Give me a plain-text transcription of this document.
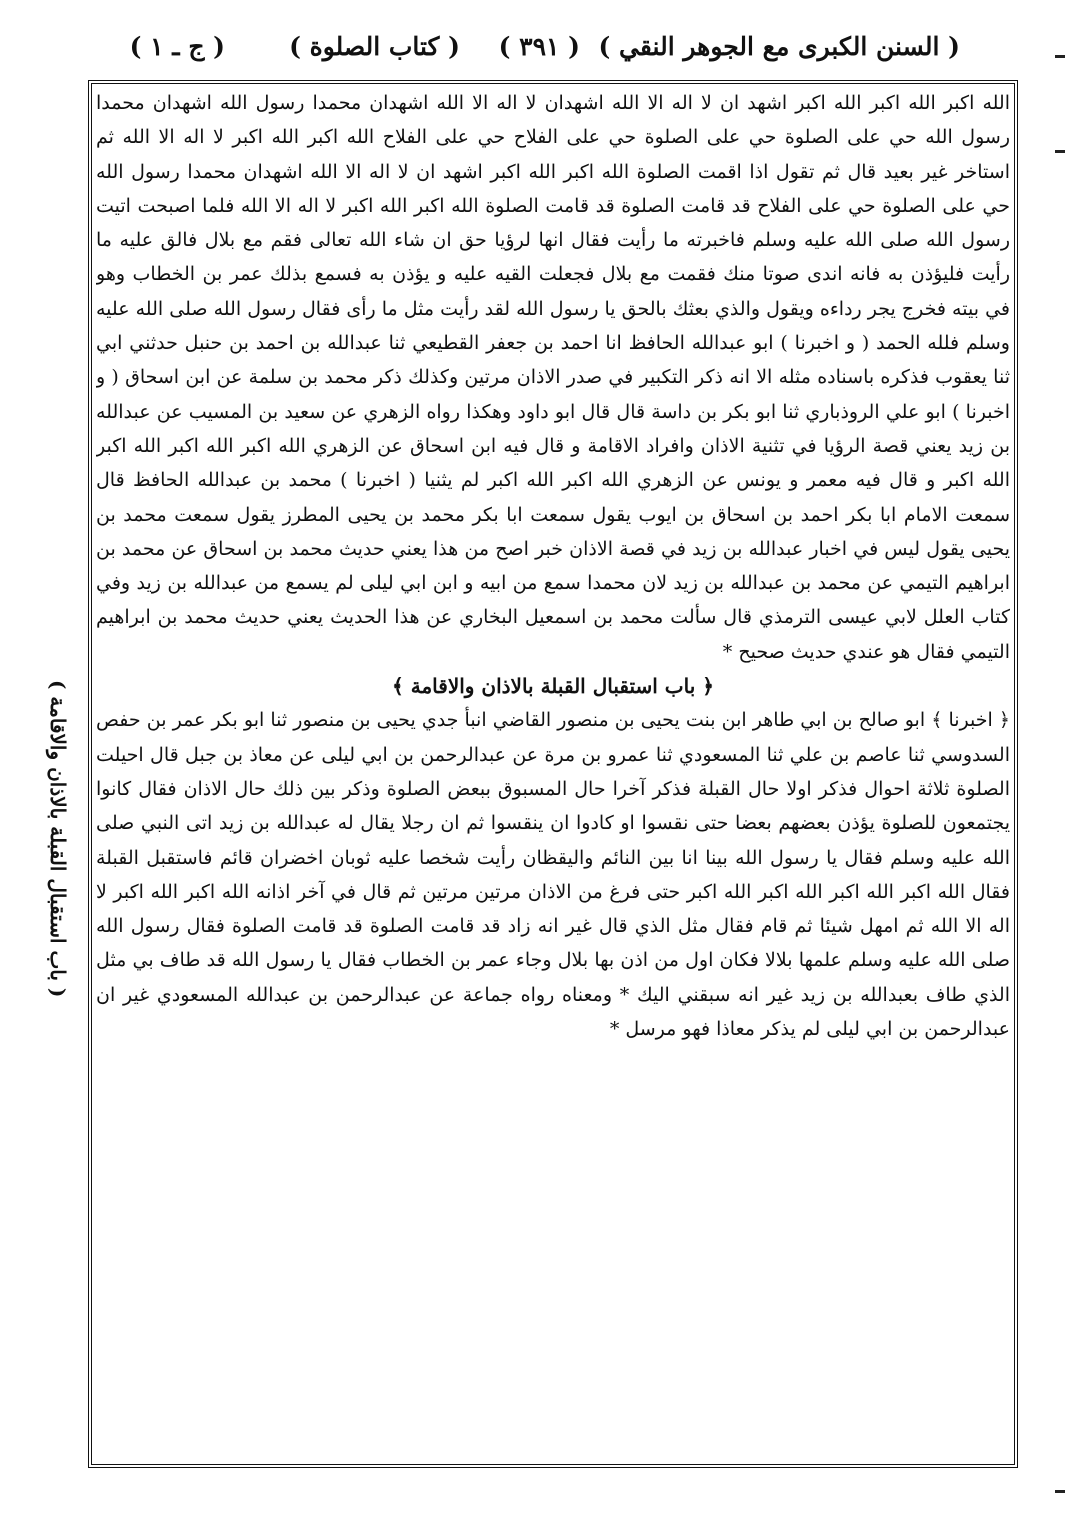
( السنن الكبرى مع الجوهر النقي )
( ٣٩١ )
( كتاب الصلوة )
( ج ـ ١ )

الله اكبر الله اكبر الله اكبر اشهد ان لا اله الا الله اشهدان لا اله الا الله اشهدان محمدا رسول الله اشهدان محمدا رسول الله حي على الصلوة حي على الصلوة حي على الفلاح حي على الفلاح الله اكبر الله اكبر لا اله الا الله ثم استاخر غير بعيد قال ثم تقول اذا اقمت الصلوة الله اكبر الله اكبر اشهد ان لا اله الا الله اشهدان محمدا رسول الله حي على الصلوة حي على الفلاح قد قامت الصلوة قد قامت الصلوة الله اكبر الله اكبر لا اله الا الله فلما اصبحت اتيت رسول الله صلى الله عليه وسلم فاخبرته ما رأيت فقال انها لرؤيا حق ان شاء الله تعالى فقم مع بلال فالق عليه ما رأيت فليؤذن به فانه اندى صوتا منك فقمت مع بلال فجعلت القيه عليه و يؤذن به فسمع بذلك عمر بن الخطاب وهو في بيته فخرج يجر رداءه ويقول والذي بعثك بالحق يا رسول الله لقد رأيت مثل ما رأى فقال رسول الله صلى الله عليه وسلم فلله الحمد ( و اخبرنا ) ابو عبدالله الحافظ انا احمد بن جعفر القطيعي ثنا عبدالله بن احمد بن حنبل حدثني ابي ثنا يعقوب فذكره باسناده مثله الا انه ذكر التكبير في صدر الاذان مرتين وكذلك ذكر محمد بن سلمة عن ابن اسحاق ( و اخبرنا ) ابو علي الروذباري ثنا ابو بكر بن داسة قال قال ابو داود وهكذا رواه الزهري عن سعيد بن المسيب عن عبدالله بن زيد يعني قصة الرؤيا في تثنية الاذان وافراد الاقامة و قال فيه ابن اسحاق عن الزهري الله اكبر الله اكبر الله اكبر الله اكبر و قال فيه معمر و يونس عن الزهري الله اكبر الله اكبر لم يثنيا ( اخبرنا ) محمد بن عبدالله الحافظ قال سمعت الامام ابا بكر احمد بن اسحاق بن ايوب يقول سمعت ابا بكر محمد بن يحيى المطرز يقول سمعت محمد بن يحيى يقول ليس في اخبار عبدالله بن زيد في قصة الاذان خبر اصح من هذا يعني حديث محمد بن اسحاق عن محمد بن ابراهيم التيمي عن محمد بن عبدالله بن زيد لان محمدا سمع من ابيه و ابن ابي ليلى لم يسمع من عبدالله بن زيد وفي كتاب العلل لابي عيسى الترمذي قال سألت محمد بن اسمعيل البخاري عن هذا الحديث يعني حديث محمد بن ابراهيم التيمي فقال هو عندي حديث صحيح *

﴿ باب استقبال القبلة بالاذان والاقامة ﴾

﴿ اخبرنا ﴾ ابو صالح بن ابي طاهر ابن بنت يحيى بن منصور القاضي انبأ جدي يحيى بن منصور ثنا ابو بكر عمر بن حفص السدوسي ثنا عاصم بن علي ثنا المسعودي ثنا عمرو بن مرة عن عبدالرحمن بن ابي ليلى عن معاذ بن جبل قال احيلت الصلوة ثلاثة احوال فذكر اولا حال القبلة فذكر آخرا حال المسبوق ببعض الصلوة وذكر بين ذلك حال الاذان فقال كانوا يجتمعون للصلوة يؤذن بعضهم بعضا حتى نقسوا او كادوا ان ينقسوا ثم ان رجلا يقال له عبدالله بن زيد اتى النبي صلى الله عليه وسلم فقال يا رسول الله بينا انا بين النائم واليقظان رأيت شخصا عليه ثوبان اخضران قائم فاستقبل القبلة فقال الله اكبر الله اكبر الله اكبر الله اكبر حتى فرغ من الاذان مرتين مرتين ثم قال في آخر اذانه الله اكبر الله اكبر لا اله الا الله ثم امهل شيئا ثم قام فقال مثل الذي قال غير انه زاد قد قامت الصلوة قد قامت الصلوة فقال رسول الله صلى الله عليه وسلم علمها بلالا فكان اول من اذن بها بلال وجاء عمر بن الخطاب فقال يا رسول الله قد طاف بي مثل الذي طاف بعبدالله بن زيد غير انه سبقني اليك * ومعناه رواه جماعة عن عبدالرحمن بن عبدالله المسعودي غير ان عبدالرحمن بن ابي ليلى لم يذكر معاذا فهو مرسل *

( باب استقبال القبلة بالاذان والاقامة )
